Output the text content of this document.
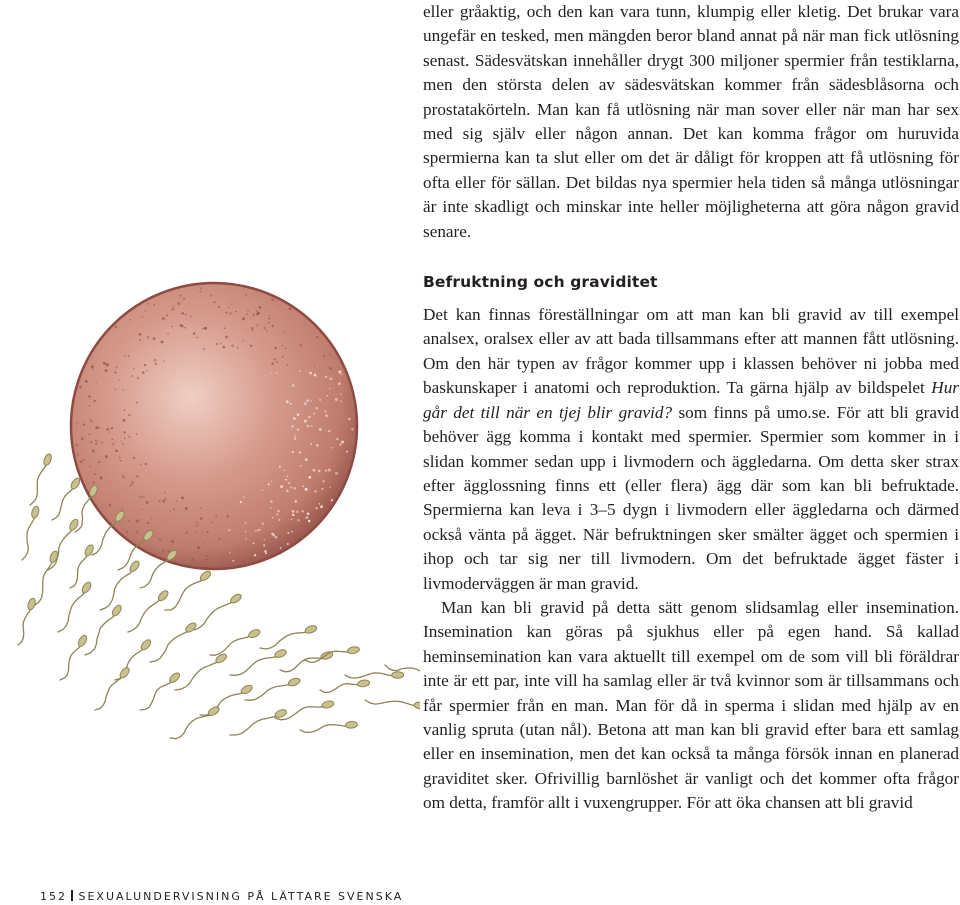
eller gråaktig, och den kan vara tunn, klumpig eller kletig. Det brukar vara ungefär en tesked, men mängden beror bland annat på när man fick utlösning senast. Sädesvätskan innehåller drygt 300 miljoner spermier från testiklarna, men den största delen av sädesvätskan kommer från sädesblåsorna och prostatakörteln. Man kan få utlösning när man sover eller när man har sex med sig själv eller någon annan. Det kan komma frågor om huruvida spermierna kan ta slut eller om det är dåligt för kroppen att få utlösning för ofta eller för sällan. Det bildas nya spermier hela tiden så många utlösningar är inte skadligt och minskar inte heller möjligheterna att göra någon gravid senare.

Befruktning och graviditet

Det kan finnas föreställningar om att man kan bli gravid av till exempel analsex, oralsex eller av att bada tillsammans efter att mannen fått utlösning. Om den här typen av frågor kommer upp i klassen behöver ni jobba med baskunskaper i anatomi och reproduktion. Ta gärna hjälp av bildspelet Hur går det till när en tjej blir gravid? som finns på umo.se. För att bli gravid behöver ägg komma i kontakt med spermier. Spermier som kommer in i slidan kommer sedan upp i livmodern och äggledarna. Om detta sker strax efter ägglossning finns ett (eller flera) ägg där som kan bli befruktade. Spermierna kan leva i 3–5 dygn i livmodern eller äggledarna och därmed också vänta på ägget. När befruktningen sker smälter ägget och spermien i ihop och tar sig ner till livmodern. Om det befruktade ägget fäster i livmoderväggen är man gravid.

Man kan bli gravid på detta sätt genom slidsamlag eller insemination. Insemination kan göras på sjukhus eller på egen hand. Så kallad heminsemination kan vara aktuellt till exempel om de som vill bli föräldrar inte är ett par, inte vill ha samlag eller är två kvinnor som är tillsammans och får spermier från en man. Man för då in sperma i slidan med hjälp av en vanlig spruta (utan nål). Betona att man kan bli gravid efter bara ett samlag eller en insemination, men det kan också ta många försök innan en planerad graviditet sker. Ofrivillig barnlöshet är vanligt och det kommer ofta frågor om detta, framför allt i vuxengrupper. För att öka chansen att bli gravid

152 SEXUALUNDERVISNING PÅ LÄTTARE SVENSKA
